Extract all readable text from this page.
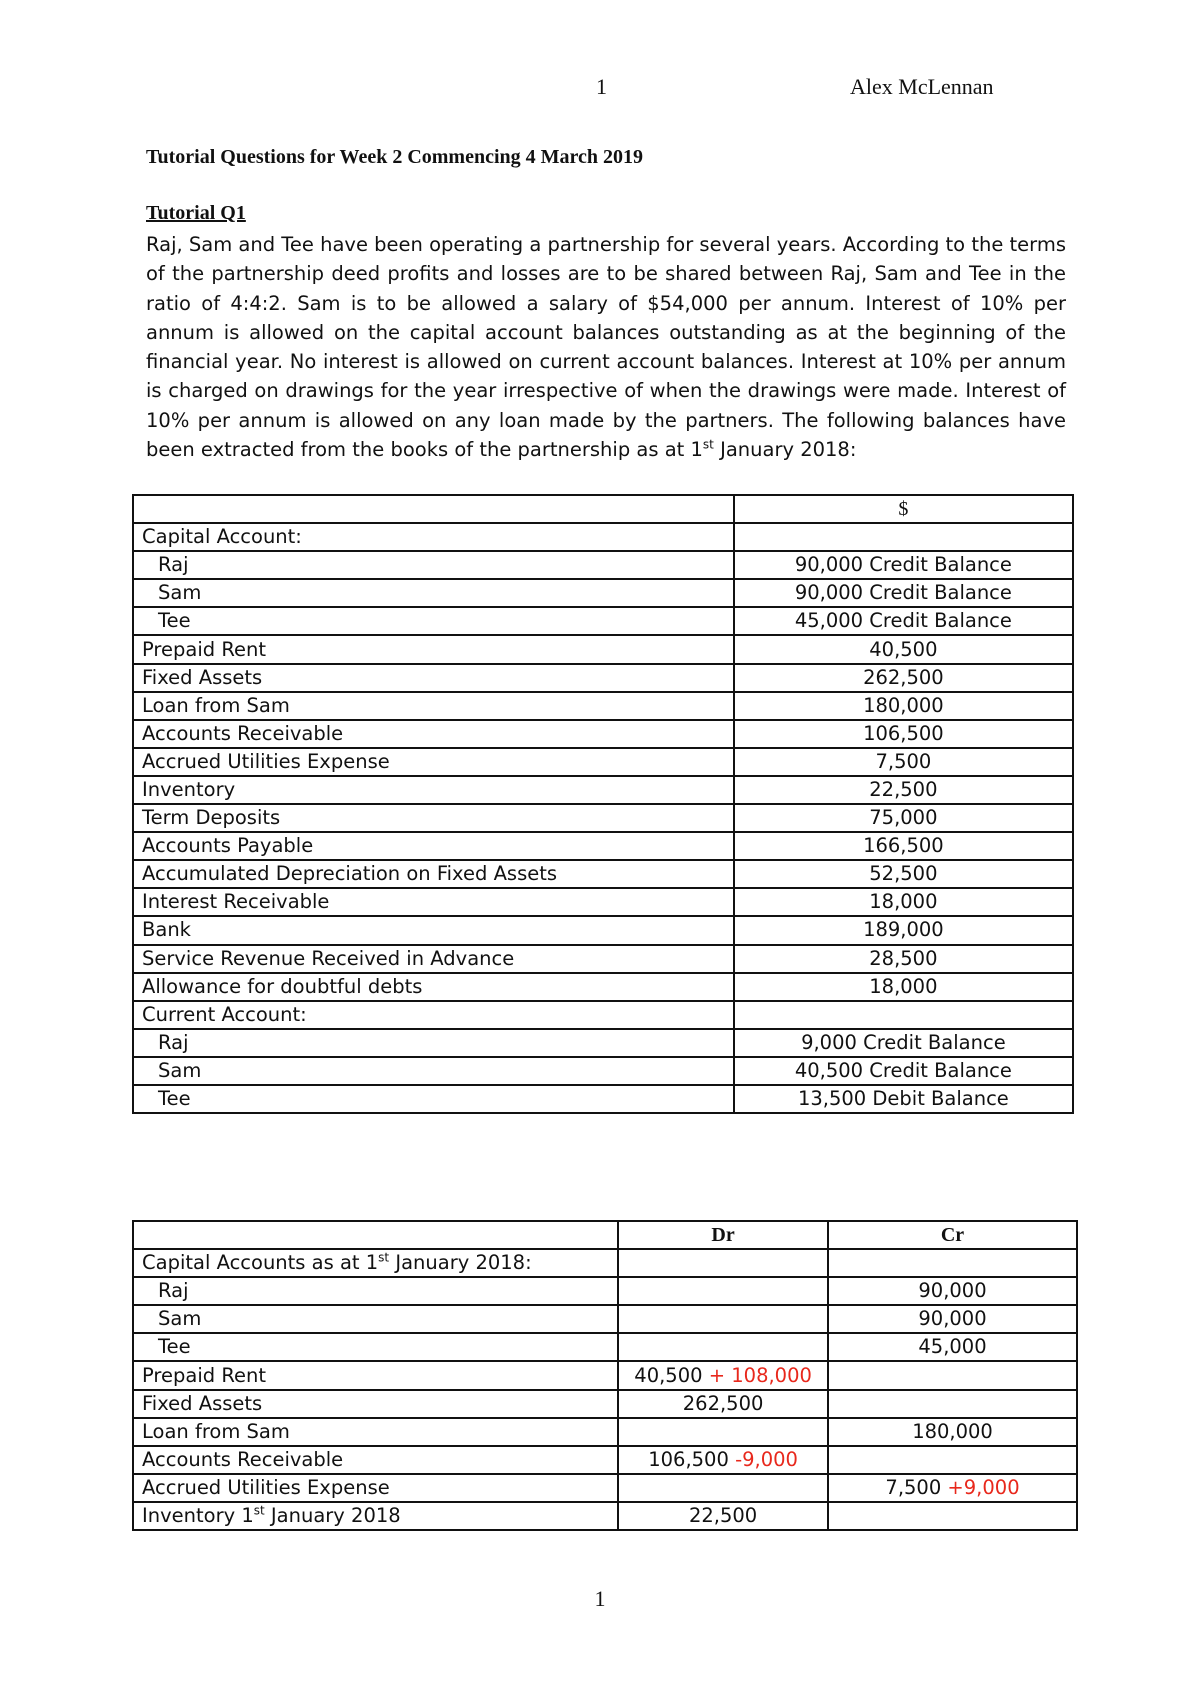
1	Alex McLennan
Tutorial Questions for Week 2 Commencing 4 March 2019
Tutorial Q1

Raj, Sam and Tee have been operating a partnership for several years. According to the terms of the partnership deed profits and losses are to be shared between Raj, Sam and Tee in the ratio of 4:4:2. Sam is to be allowed a salary of $54,000 per annum. Interest of 10% per annum is allowed on the capital account balances outstanding as at the beginning of the financial year. No interest is allowed on current account balances. Interest at 10% per annum is charged on drawings for the year irrespective of when the drawings were made. Interest of 10% per annum is allowed on any loan made by the partners. The following balances have been extracted from the books of the partnership as at 1st January 2018:

	$
Capital Account:	
Raj	90,000 Credit Balance
Sam	90,000 Credit Balance
Tee	45,000 Credit Balance
Prepaid Rent	40,500
Fixed Assets	262,500
Loan from Sam	180,000
Accounts Receivable	106,500
Accrued Utilities Expense	7,500
Inventory	22,500
Term Deposits	75,000
Accounts Payable	166,500
Accumulated Depreciation on Fixed Assets	52,500
Interest Receivable	18,000
Bank	189,000
Service Revenue Received in Advance	28,500
Allowance for doubtful debts	18,000
Current Account:	
Raj	9,000 Credit Balance
Sam	40,500 Credit Balance
Tee	13,500 Debit Balance
	Dr	Cr
Capital Accounts as at 1st January 2018:		
Raj		90,000
Sam		90,000
Tee		45,000
Prepaid Rent	40,500 + 108,000	
Fixed Assets	262,500	
Loan from Sam		180,000
Accounts Receivable	106,500 -9,000	
Accrued Utilities Expense		7,500 +9,000
Inventory 1st January 2018	22,500	
1
